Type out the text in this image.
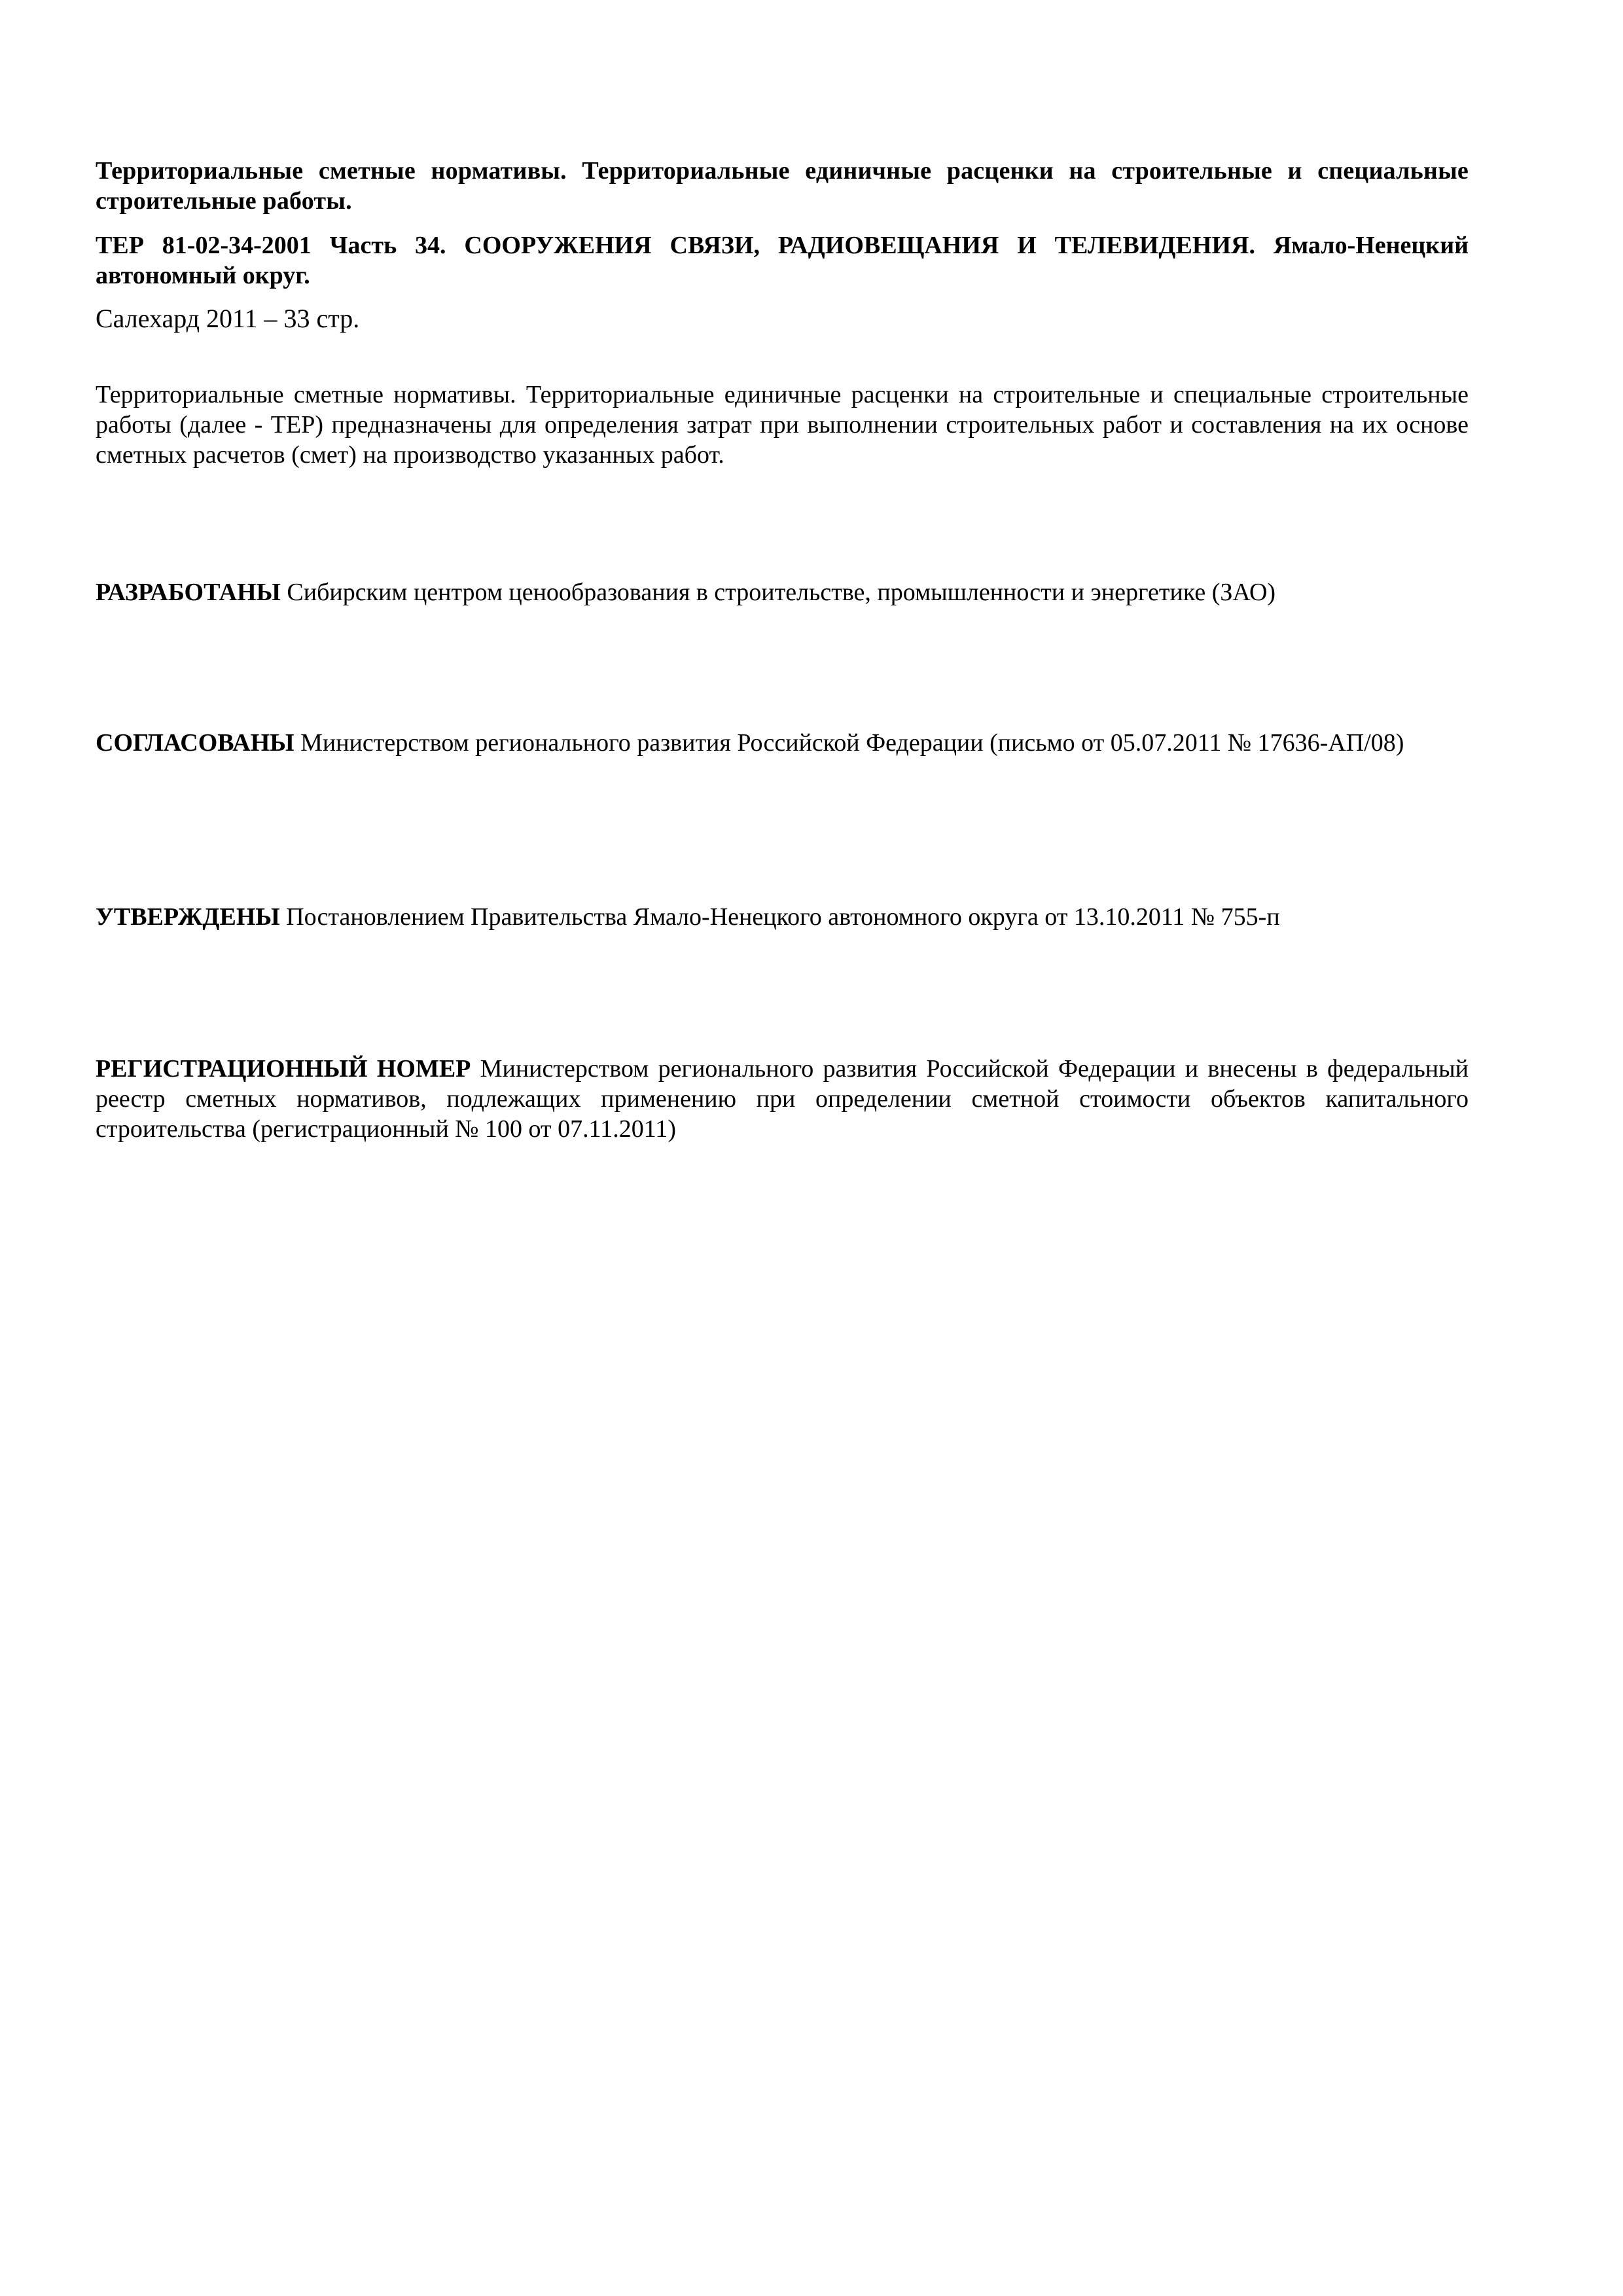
Территориальные сметные нормативы. Территориальные единичные расценки на строительные и специальные строительные работы.
ТЕР 81-02-34-2001 Часть 34. СООРУЖЕНИЯ СВЯЗИ, РАДИОВЕЩАНИЯ И ТЕЛЕВИДЕНИЯ. Ямало-Ненецкий автономный округ.
Салехард 2011 – 33 стр.
Территориальные сметные нормативы. Территориальные единичные расценки на строительные и специальные строительные работы (далее - ТЕР) предназначены для определения затрат при выполнении строительных работ и составления на их основе сметных расчетов (смет) на производство указанных работ.
РАЗРАБОТАНЫ Сибирским центром ценообразования в строительстве, промышленности и энергетике (ЗАО)
СОГЛАСОВАНЫ Министерством регионального развития Российской Федерации (письмо от 05.07.2011 № 17636-АП/08)
УТВЕРЖДЕНЫ Постановлением Правительства Ямало-Ненецкого автономного округа от 13.10.2011 № 755-п
РЕГИСТРАЦИОННЫЙ НОМЕР Министерством регионального развития Российской Федерации и внесены в федеральный реестр сметных нормативов, подлежащих применению при определении сметной стоимости объектов капитального строительства (регистрационный № 100 от 07.11.2011)
